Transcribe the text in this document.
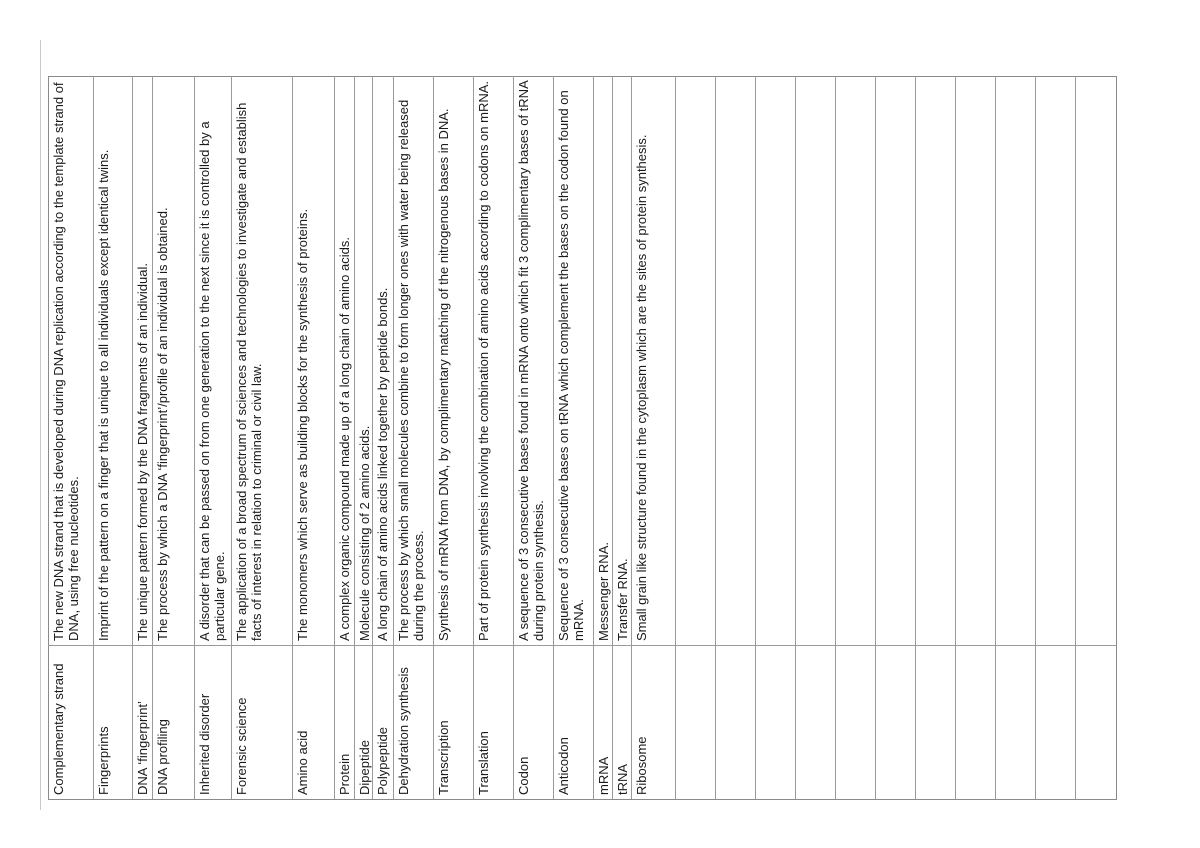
Complementary strand
The new DNA strand that is developed during DNA replication according to the template strand of DNA, using free nucleotides.
Fingerprints
Imprint of the pattern on a finger that is unique to all individuals except identical twins.
DNA ‘fingerprint’
The unique pattern formed by the DNA fragments of an individual.
DNA profiling
The process by which a DNA ‘fingerprint’/profile of an individual is obtained.
Inherited disorder
A disorder that can be passed on from one generation to the next since it is controlled by a particular gene.
Forensic science
The application of a broad spectrum of sciences and technologies to investigate and establish facts of interest in relation to criminal or civil law.
Amino acid
The monomers which serve as building blocks for the synthesis of proteins.
Protein
A complex organic compound made up of a long chain of amino acids.
Dipeptide
Molecule consisting of 2 amino acids.
Polypeptide
A long chain of amino acids linked together by peptide bonds.
Dehydration synthesis
The process by which small molecules combine to form longer ones with water being released during the process.
Transcription
Synthesis of mRNA from DNA, by complimentary matching of the nitrogenous bases in DNA.
Translation
Part of protein synthesis involving the combination of amino acids according to codons on mRNA.
Codon
A sequence of 3 consecutive bases found in mRNA onto which fit 3 complimentary bases of tRNA during protein synthesis.
Anticodon
Sequence of 3 consecutive bases on tRNA which complement the bases on the codon found on mRNA.
mRNA
Messenger RNA.
tRNA
Transfer RNA.
Ribosome
Small grain like structure found in the cytoplasm which are the sites of protein synthesis.
